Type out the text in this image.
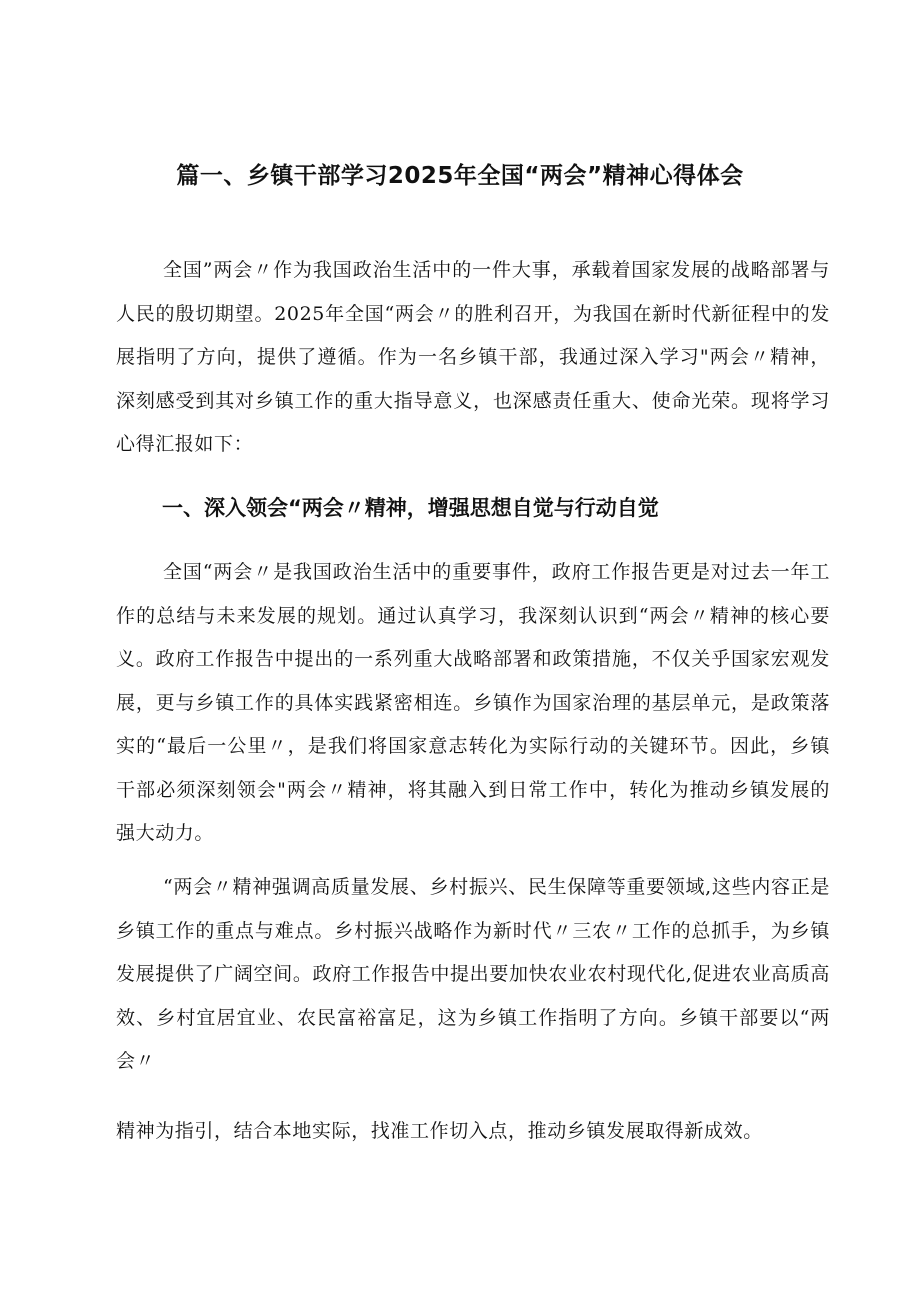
篇一、乡镇干部学习2025年全国“两会”精神心得体会

全国”两会〃作为我国政治生活中的一件大事，承载着国家发展的战略部署与人民的殷切期望。2025年全国“两会〃的胜利召开，为我国在新时代新征程中的发展指明了方向，提供了遵循。作为一名乡镇干部，我通过深入学习"两会〃精神，深刻感受到其对乡镇工作的重大指导意义，也深感责任重大、使命光荣。现将学习心得汇报如下：

一、深入领会“两会〃精神，增强思想自觉与行动自觉

全国“两会〃是我国政治生活中的重要事件，政府工作报告更是对过去一年工作的总结与未来发展的规划。通过认真学习，我深刻认识到“两会〃精神的核心要义。政府工作报告中提出的一系列重大战略部署和政策措施，不仅关乎国家宏观发展，更与乡镇工作的具体实践紧密相连。乡镇作为国家治理的基层单元，是政策落实的“最后一公里〃，是我们将国家意志转化为实际行动的关键环节。因此，乡镇干部必须深刻领会"两会〃精神，将其融入到日常工作中，转化为推动乡镇发展的强大动力。

“两会〃精神强调高质量发展、乡村振兴、民生保障等重要领域,这些内容正是乡镇工作的重点与难点。乡村振兴战略作为新时代〃三农〃工作的总抓手，为乡镇发展提供了广阔空间。政府工作报告中提出要加快农业农村现代化,促进农业高质高效、乡村宜居宜业、农民富裕富足，这为乡镇工作指明了方向。乡镇干部要以“两会〃

精神为指引，结合本地实际，找准工作切入点，推动乡镇发展取得新成效。
